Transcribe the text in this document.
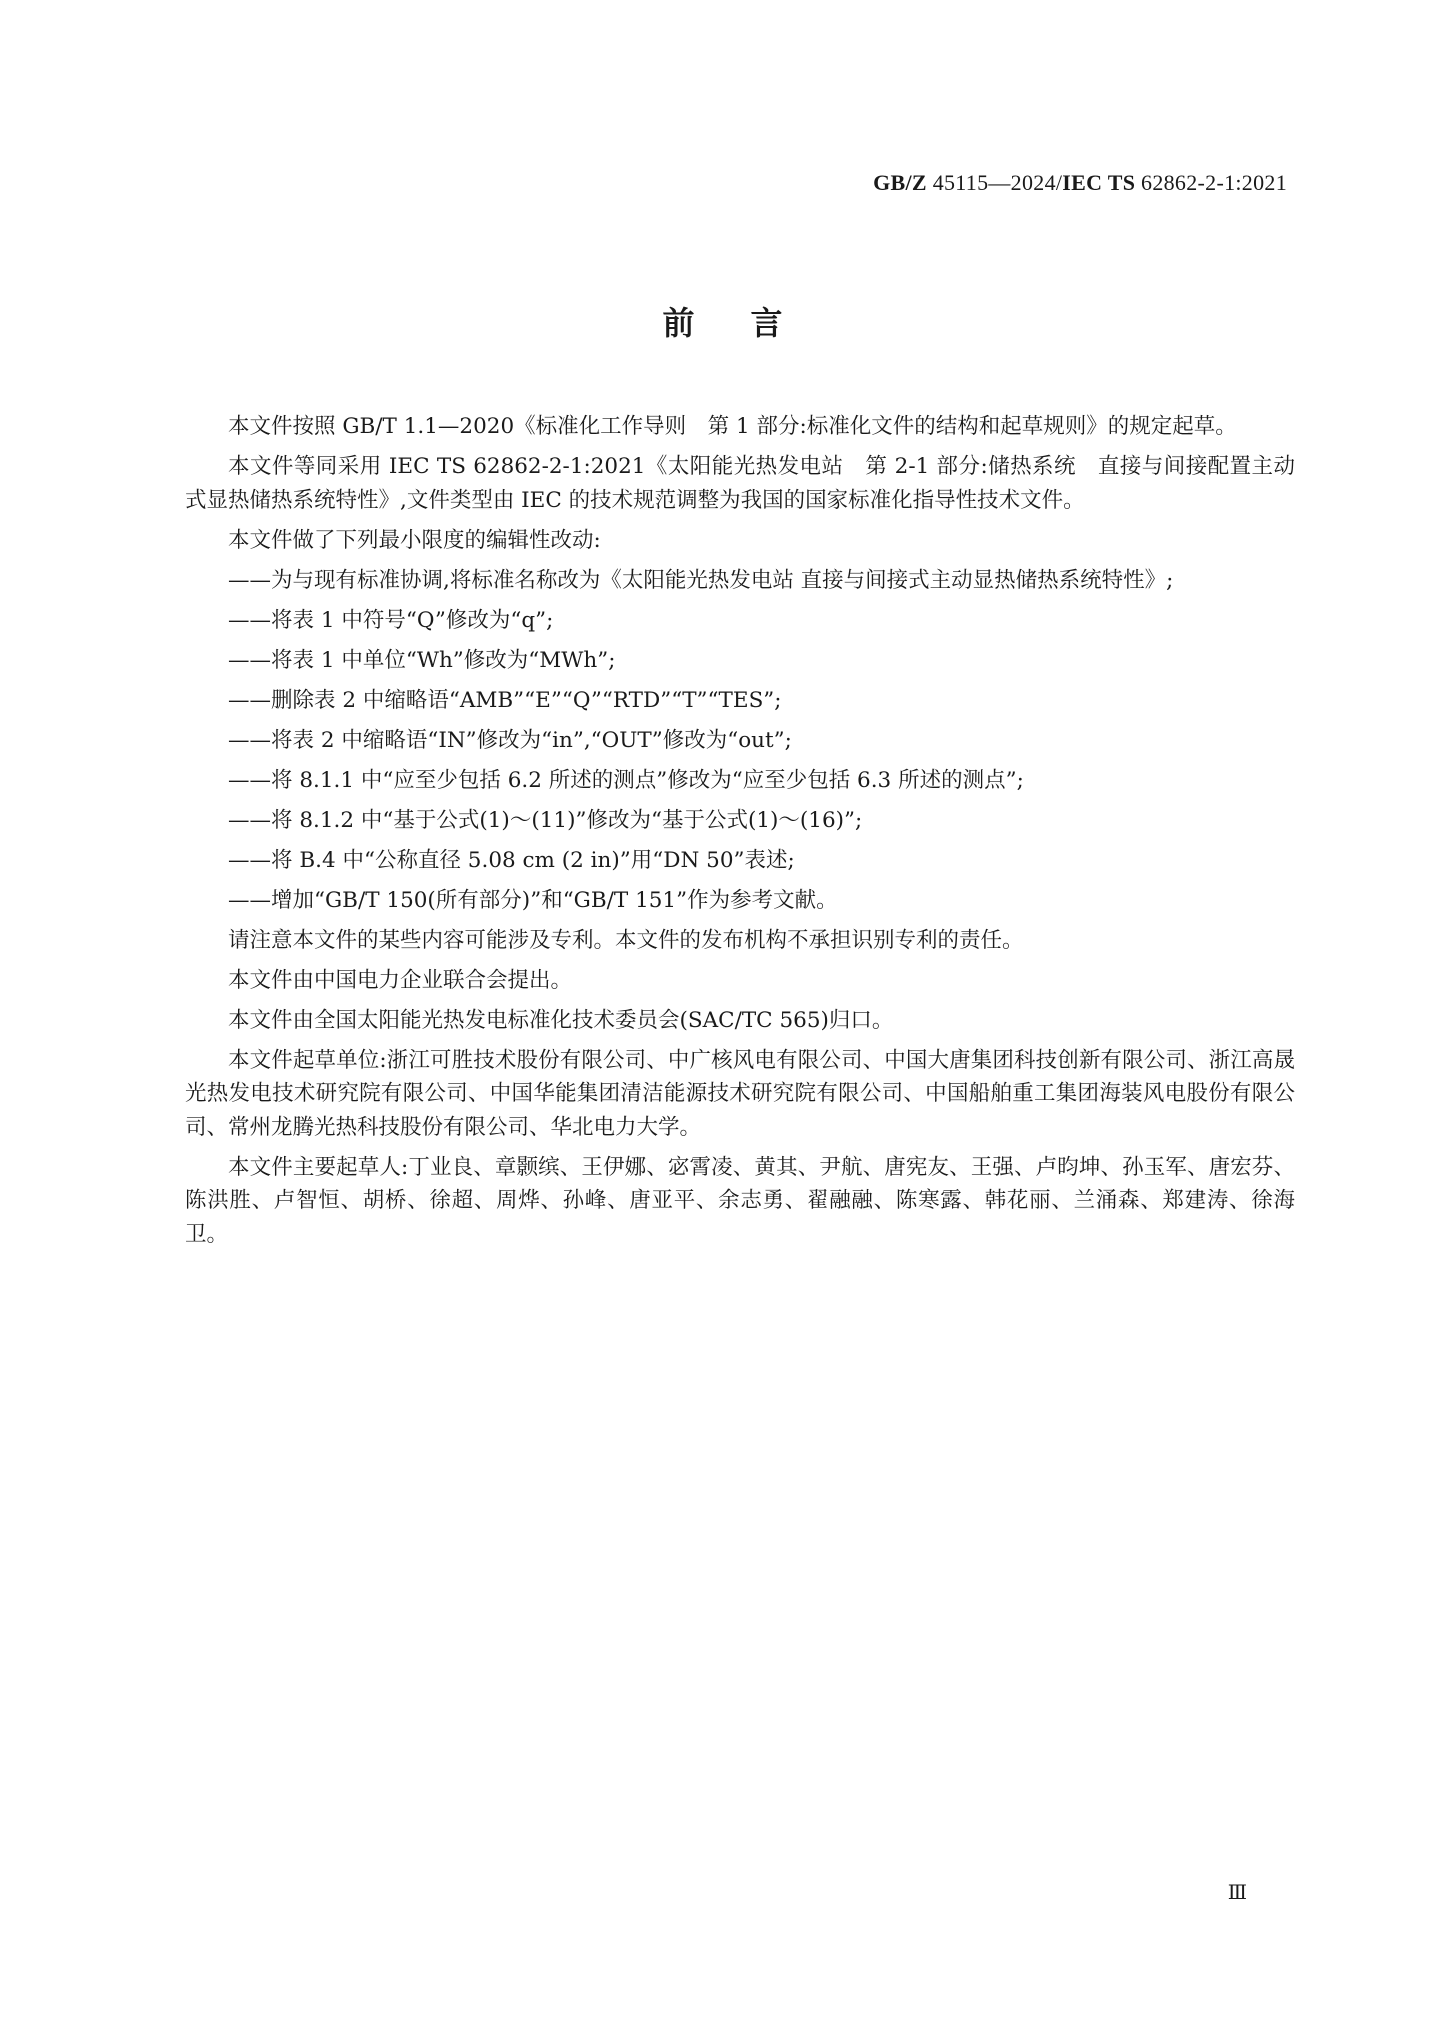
GB/Z 45115—2024/IEC TS 62862-2-1:2021
前言

本文件按照 GB/T 1.1—2020《标准化工作导则　第 1 部分:标准化文件的结构和起草规则》的规定起草。

本文件等同采用 IEC TS 62862-2-1:2021《太阳能光热发电站　第 2-1 部分:储热系统　直接与间接配置主动式显热储热系统特性》,文件类型由 IEC 的技术规范调整为我国的国家标准化指导性技术文件。

本文件做了下列最小限度的编辑性改动:

——为与现有标准协调,将标准名称改为《太阳能光热发电站 直接与间接式主动显热储热系统特性》;

——将表 1 中符号“Q”修改为“q”;

——将表 1 中单位“Wh”修改为“MWh”;

——删除表 2 中缩略语“AMB”“E”“Q”“RTD”“T”“TES”;

——将表 2 中缩略语“IN”修改为“in”,“OUT”修改为“out”;

——将 8.1.1 中“应至少包括 6.2 所述的测点”修改为“应至少包括 6.3 所述的测点”;

——将 8.1.2 中“基于公式(1)～(11)”修改为“基于公式(1)～(16)”;

——将 B.4 中“公称直径 5.08 cm (2 in)”用“DN 50”表述;

——增加“GB/T 150(所有部分)”和“GB/T 151”作为参考文献。

请注意本文件的某些内容可能涉及专利。本文件的发布机构不承担识别专利的责任。

本文件由中国电力企业联合会提出。

本文件由全国太阳能光热发电标准化技术委员会(SAC/TC 565)归口。

本文件起草单位:浙江可胜技术股份有限公司、中广核风电有限公司、中国大唐集团科技创新有限公司、浙江高晟光热发电技术研究院有限公司、中国华能集团清洁能源技术研究院有限公司、中国船舶重工集团海装风电股份有限公司、常州龙腾光热科技股份有限公司、华北电力大学。

本文件主要起草人:丁业良、章颢缤、王伊娜、宓霄凌、黄其、尹航、唐宪友、王强、卢昀坤、孙玉军、唐宏芬、陈洪胜、卢智恒、胡桥、徐超、周烨、孙峰、唐亚平、余志勇、翟融融、陈寒露、韩花丽、兰涌森、郑建涛、徐海卫。

Ⅲ
